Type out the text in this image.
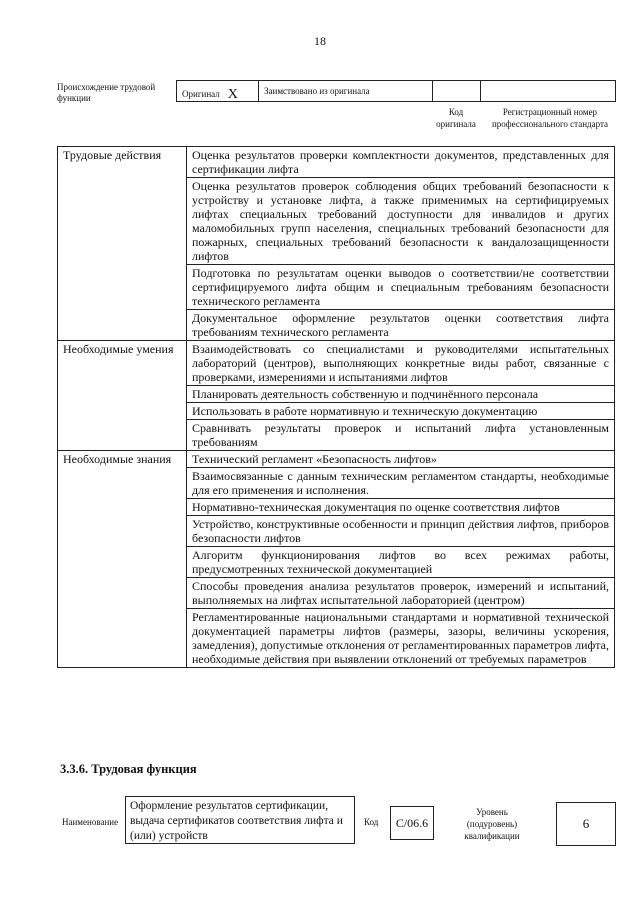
18
Происхождение трудовой функции	Оригинал X	Заимствовано из оригинала
Код оригинала
Регистрационный номер профессионального стандарта
Трудовые действия	Оценка результатов проверки комплектности документов, представленных для сертификации лифта
	Оценка результатов проверок соблюдения общих требований безопасности к устройству и установке лифта, а также применимых на сертифицируемых лифтах специальных требований доступности для инвалидов и других маломобильных групп населения, специальных требований безопасности для пожарных, специальных требований безопасности к вандалозащищенности лифтов
	Подготовка по результатам оценки выводов о соответствии/не соответствии сертифицируемого лифта общим и специальным требованиям безопасности технического регламента
	Документальное оформление результатов оценки соответствия лифта требованиям технического регламента
Необходимые умения	Взаимодействовать со специалистами и руководителями испытательных лабораторий (центров), выполняющих конкретные виды работ, связанные с проверками, измерениями и испытаниями лифтов
	Планировать деятельность собственную и подчинённого персонала
	Использовать в работе нормативную и техническую документацию
	Сравнивать результаты проверок и испытаний лифта установленным требованиям
Необходимые знания	Технический регламент «Безопасность лифтов»
	Взаимосвязанные с данным техническим регламентом стандарты, необходимые для его применения и исполнения.
	Нормативно-техническая документация по оценке соответствия лифтов
	Устройство, конструктивные особенности и принцип действия лифтов, приборов безопасности лифтов
	Алгоритм функционирования лифтов во всех режимах работы, предусмотренных технической документацией
	Способы проведения анализа результатов проверок, измерений и испытаний, выполняемых на лифтах испытательной лабораторией (центром)
	Регламентированные национальными стандартами и нормативной технической документацией параметры лифтов (размеры, зазоры, величины ускорения, замедления), допустимые отклонения от регламентированных параметров лифта, необходимые действия при выявлении отклонений от требуемых параметров
3.3.6. Трудовая функция
Наименование
Оформление результатов сертификации, выдача сертификатов соответствия лифта и (или) устройств
Код	С/06.6
Уровень (подуровень) квалификации
6
